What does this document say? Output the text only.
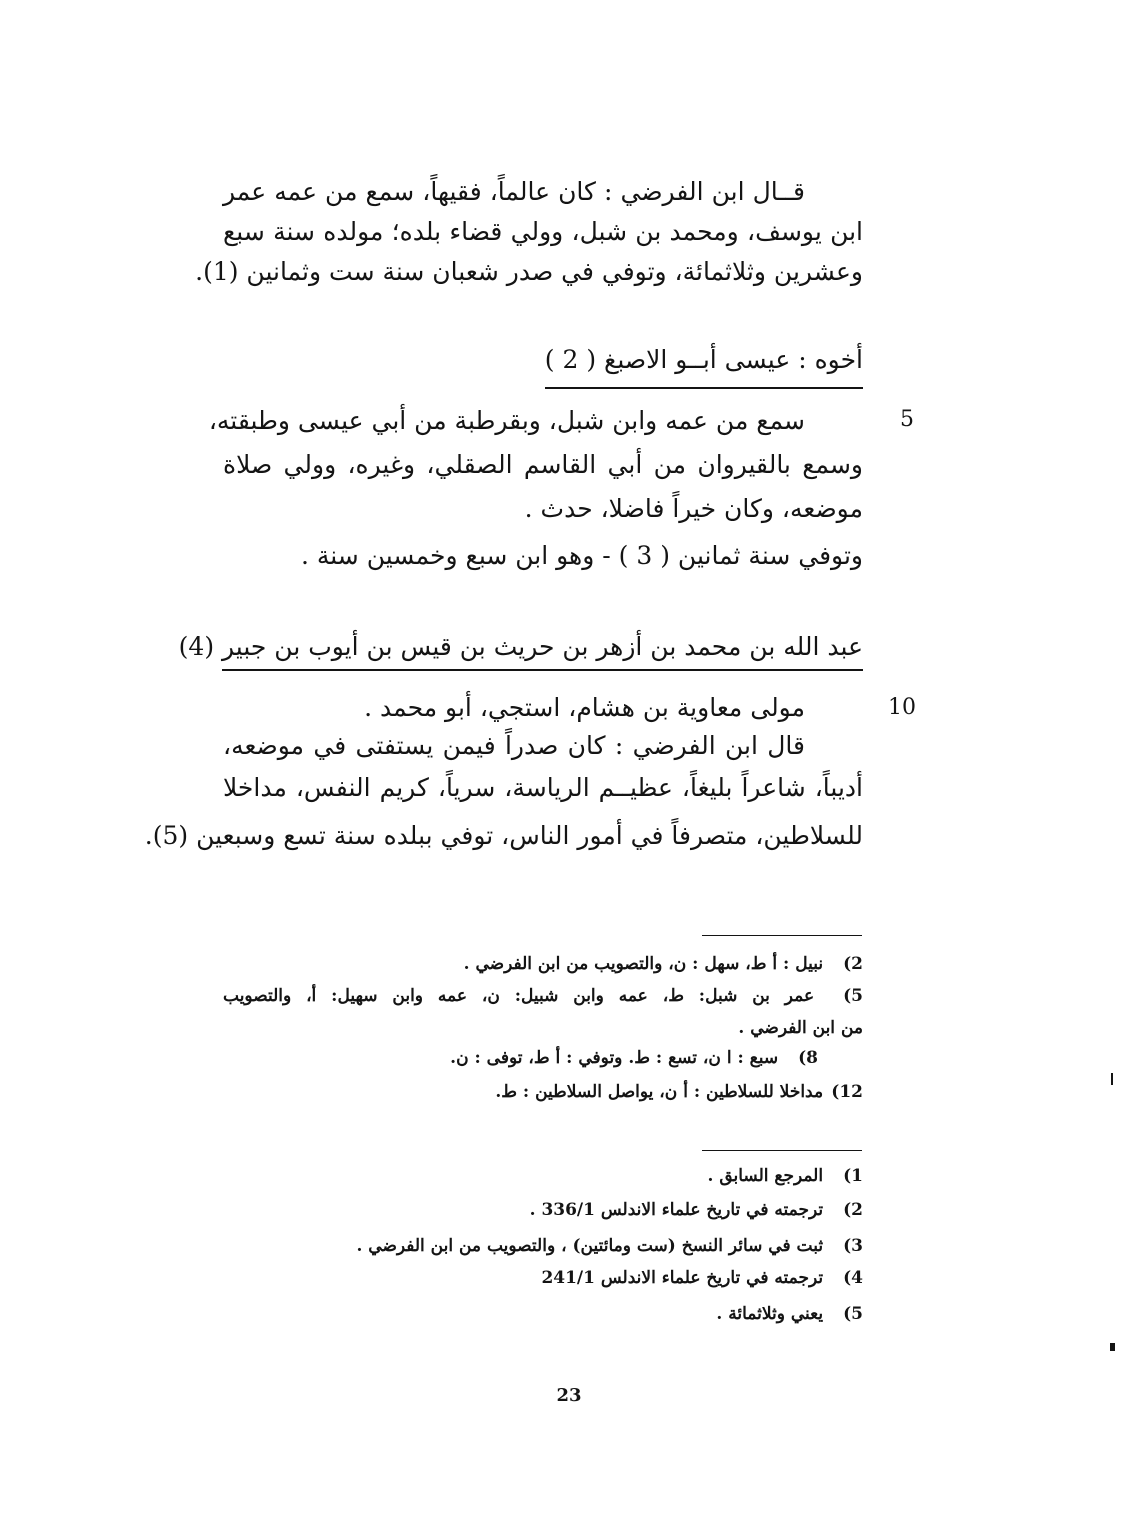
قــال ابن الفرضي : كان عالماً، فقيهاً، سمع من عمه عمر
ابن يوسف، ومحمد بن شبل، وولي قضاء بلده؛ مولده سنة سبع
وعشرين وثلاثمائة، وتوفي في صدر شعبان سنة ست وثمانين (1).
أخوه : عيسى أبــو الاصبغ ( 2 )
5
سمع من عمه وابن شبل، وبقرطبة من أبي عيسى وطبقته،
وسمع بالقيروان من أبي القاسم الصقلي، وغيره، وولي صلاة
موضعه، وكان خيراً فاضلا، حدث .
وتوفي سنة ثمانين ( 3 ) - وهو ابن سبع وخمسين سنة .
عبد الله بن محمد بن أزهر بن حريث بن قيس بن أيوب بن جبير (4)
10
مولى معاوية بن هشام، استجي، أبو محمد .
قال ابن الفرضي : كان صدراً فيمن يستفتى في موضعه،
أديباً، شاعراً بليغاً، عظيــم الرياسة، سرياً، كريم النفس، مداخلا
للسلاطين، متصرفاً في أمور الناس، توفي ببلده سنة تسع وسبعين (5).
2) نبيل : أ ط، سهل : ن، والتصويب من ابن الفرضي .
5) عمر بن شبل: ط، عمه وابن شبيل: ن، عمه وابن سهيل: أ، والتصويب
من ابن الفرضي .
8) سبع : ا ن، تسع : ط. وتوفي : أ ط، توفى : ن.
12) مداخلا للسلاطين : أ ن، يواصل السلاطين : ط.
1) المرجع السابق .
2) ترجمته في تاريخ علماء الاندلس 336/1 .
3) ثبت في سائر النسخ (ست ومائتين) ، والتصويب من ابن الفرضي .
4) ترجمته في تاريخ علماء الاندلس 241/1
5) يعني وثلاثمائة .
23
